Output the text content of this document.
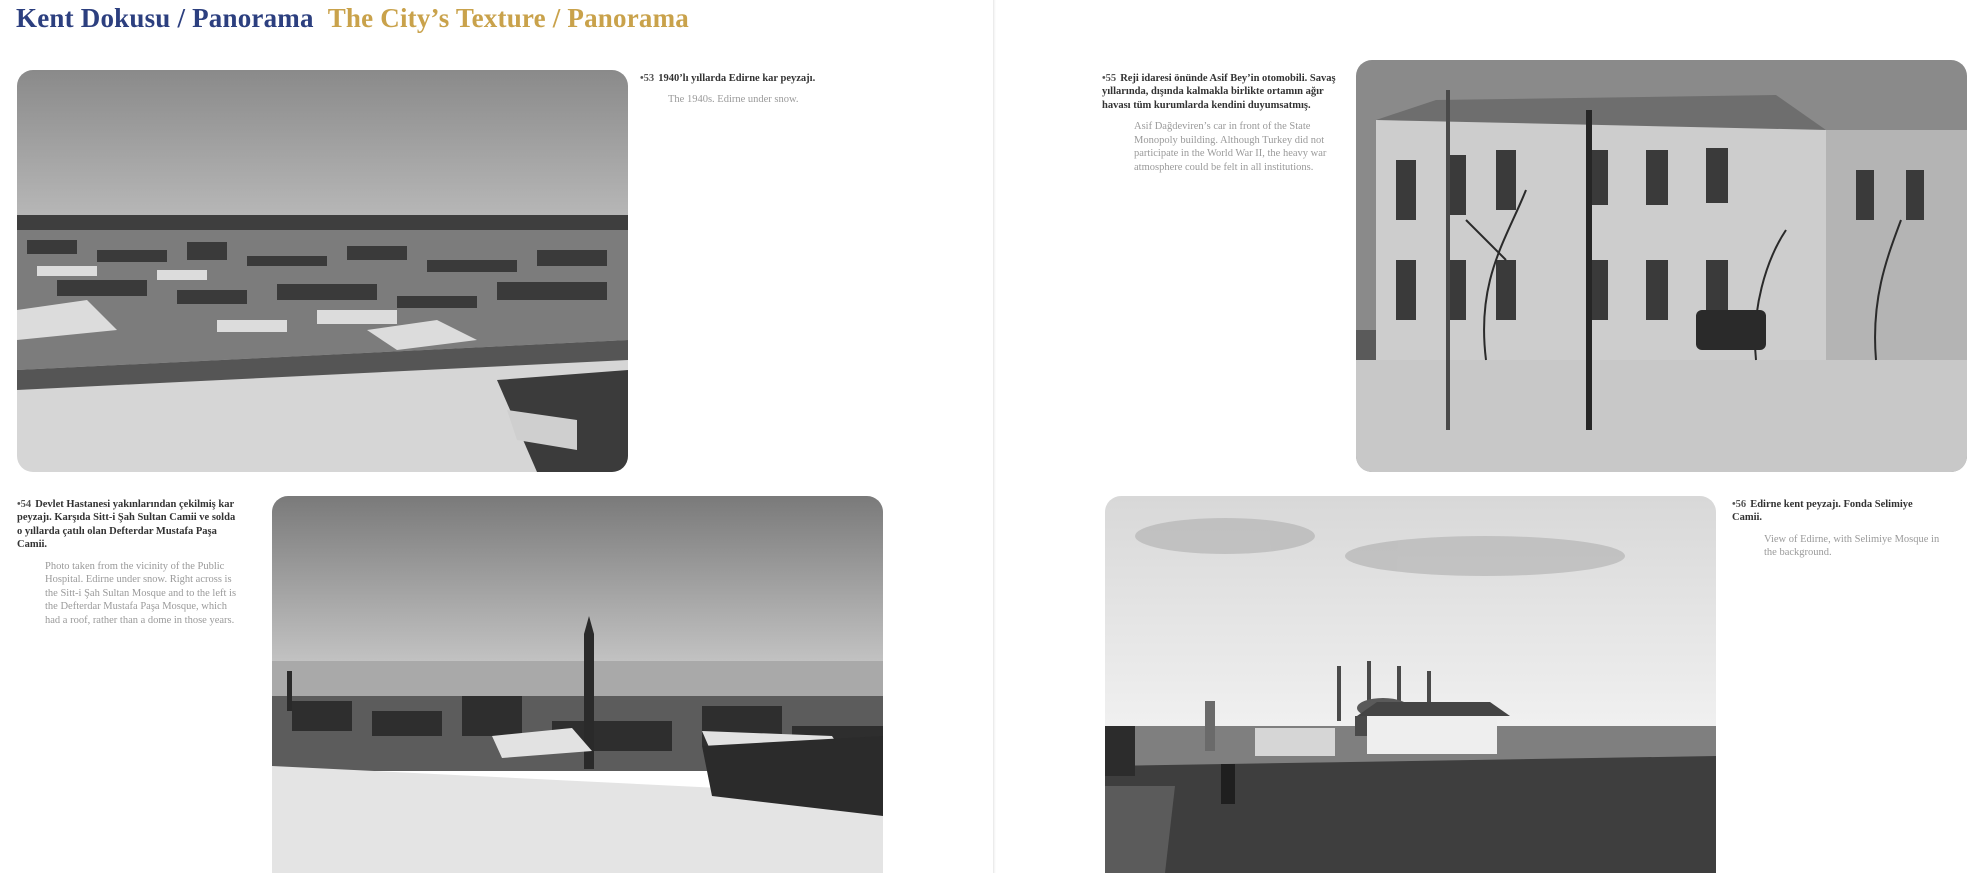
Kent Dokusu / Panorama The City’s Texture / Panorama
•53 1940’lı yıllarda Edirne kar peyzajı.
The 1940s. Edirne under snow.
•54 Devlet Hastanesi yakınlarından çekilmiş kar peyzajı. Karşıda Sitt-i Şah Sultan Camii ve solda o yıllarda çatılı olan Defterdar Mustafa Paşa Camii.
Photo taken from the vicinity of the Public Hospital. Edirne under snow. Right across is the Sitt-i Şah Sultan Mosque and to the left is the Defterdar Mustafa Paşa Mosque, which had a roof, rather than a dome in those years.
•55 Reji idaresi önünde Asif Bey’in otomobili. Savaş yıllarında, dışında kalmakla birlikte ortamın ağır havası tüm kurumlarda kendini duyumsatmış.
Asif Dağdeviren’s car in front of the State Monopoly building. Although Turkey did not participate in the World War II, the heavy war atmosphere could be felt in all institutions.
•56 Edirne kent peyzajı. Fonda Selimiye Camii.
View of Edirne, with Selimiye Mosque in the background.
